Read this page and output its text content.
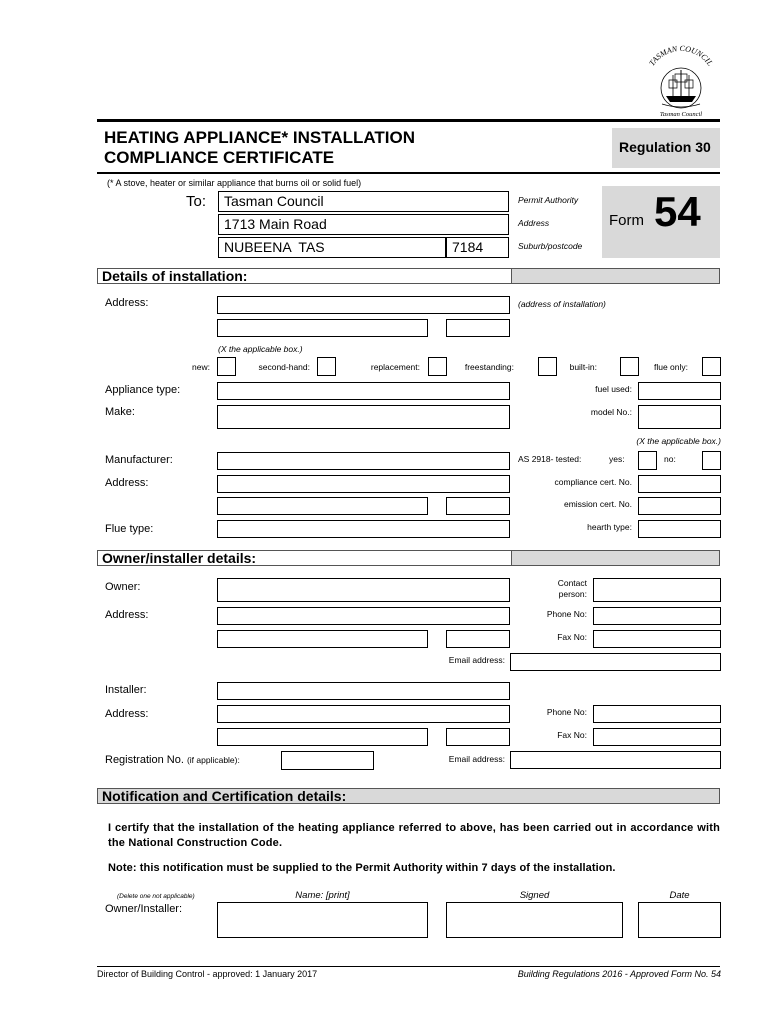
TASMAN COUNCIL
Tasman Council
HEATING APPLIANCE* INSTALLATION
COMPLIANCE CERTIFICATE
Regulation 30
(* A stove, heater or similar appliance that burns oil or solid fuel)
To:	Tasman Council
1713 Main Road
NUBEENA  TAS	7184
Permit Authority
Address
Suburb/postcode
Form 54
Details of installation:
Address:	(address of installation)
(X the applicable box.)
new:	second-hand:	replacement:	freestanding:	built-in:	flue only:
Appliance type:	fuel used:
Make:	model No.:
(X the applicable box.)
Manufacturer:	AS 2918- tested:	yes:	no:
Address:	compliance cert. No.
emission cert. No.
Flue type:	hearth type:
Owner/installer details:
Owner:	Contact
person:
Address:	Phone No:
Fax No:
Email address:
Installer:
Address:	Phone No:
Fax No:
Registration No. (if applicable):	Email address:
Notification and Certification details:
I certify that the installation of the heating appliance referred to above, has been carried out in accordance with the National Construction Code.
Note: this notification must be supplied to the Permit Authority within 7 days of the installation.
(Delete one not applicable)
Owner/Installer:
Name: [print]	Signed	Date
Director of Building Control - approved: 1 January 2017	Building Regulations 2016 - Approved Form No. 54
